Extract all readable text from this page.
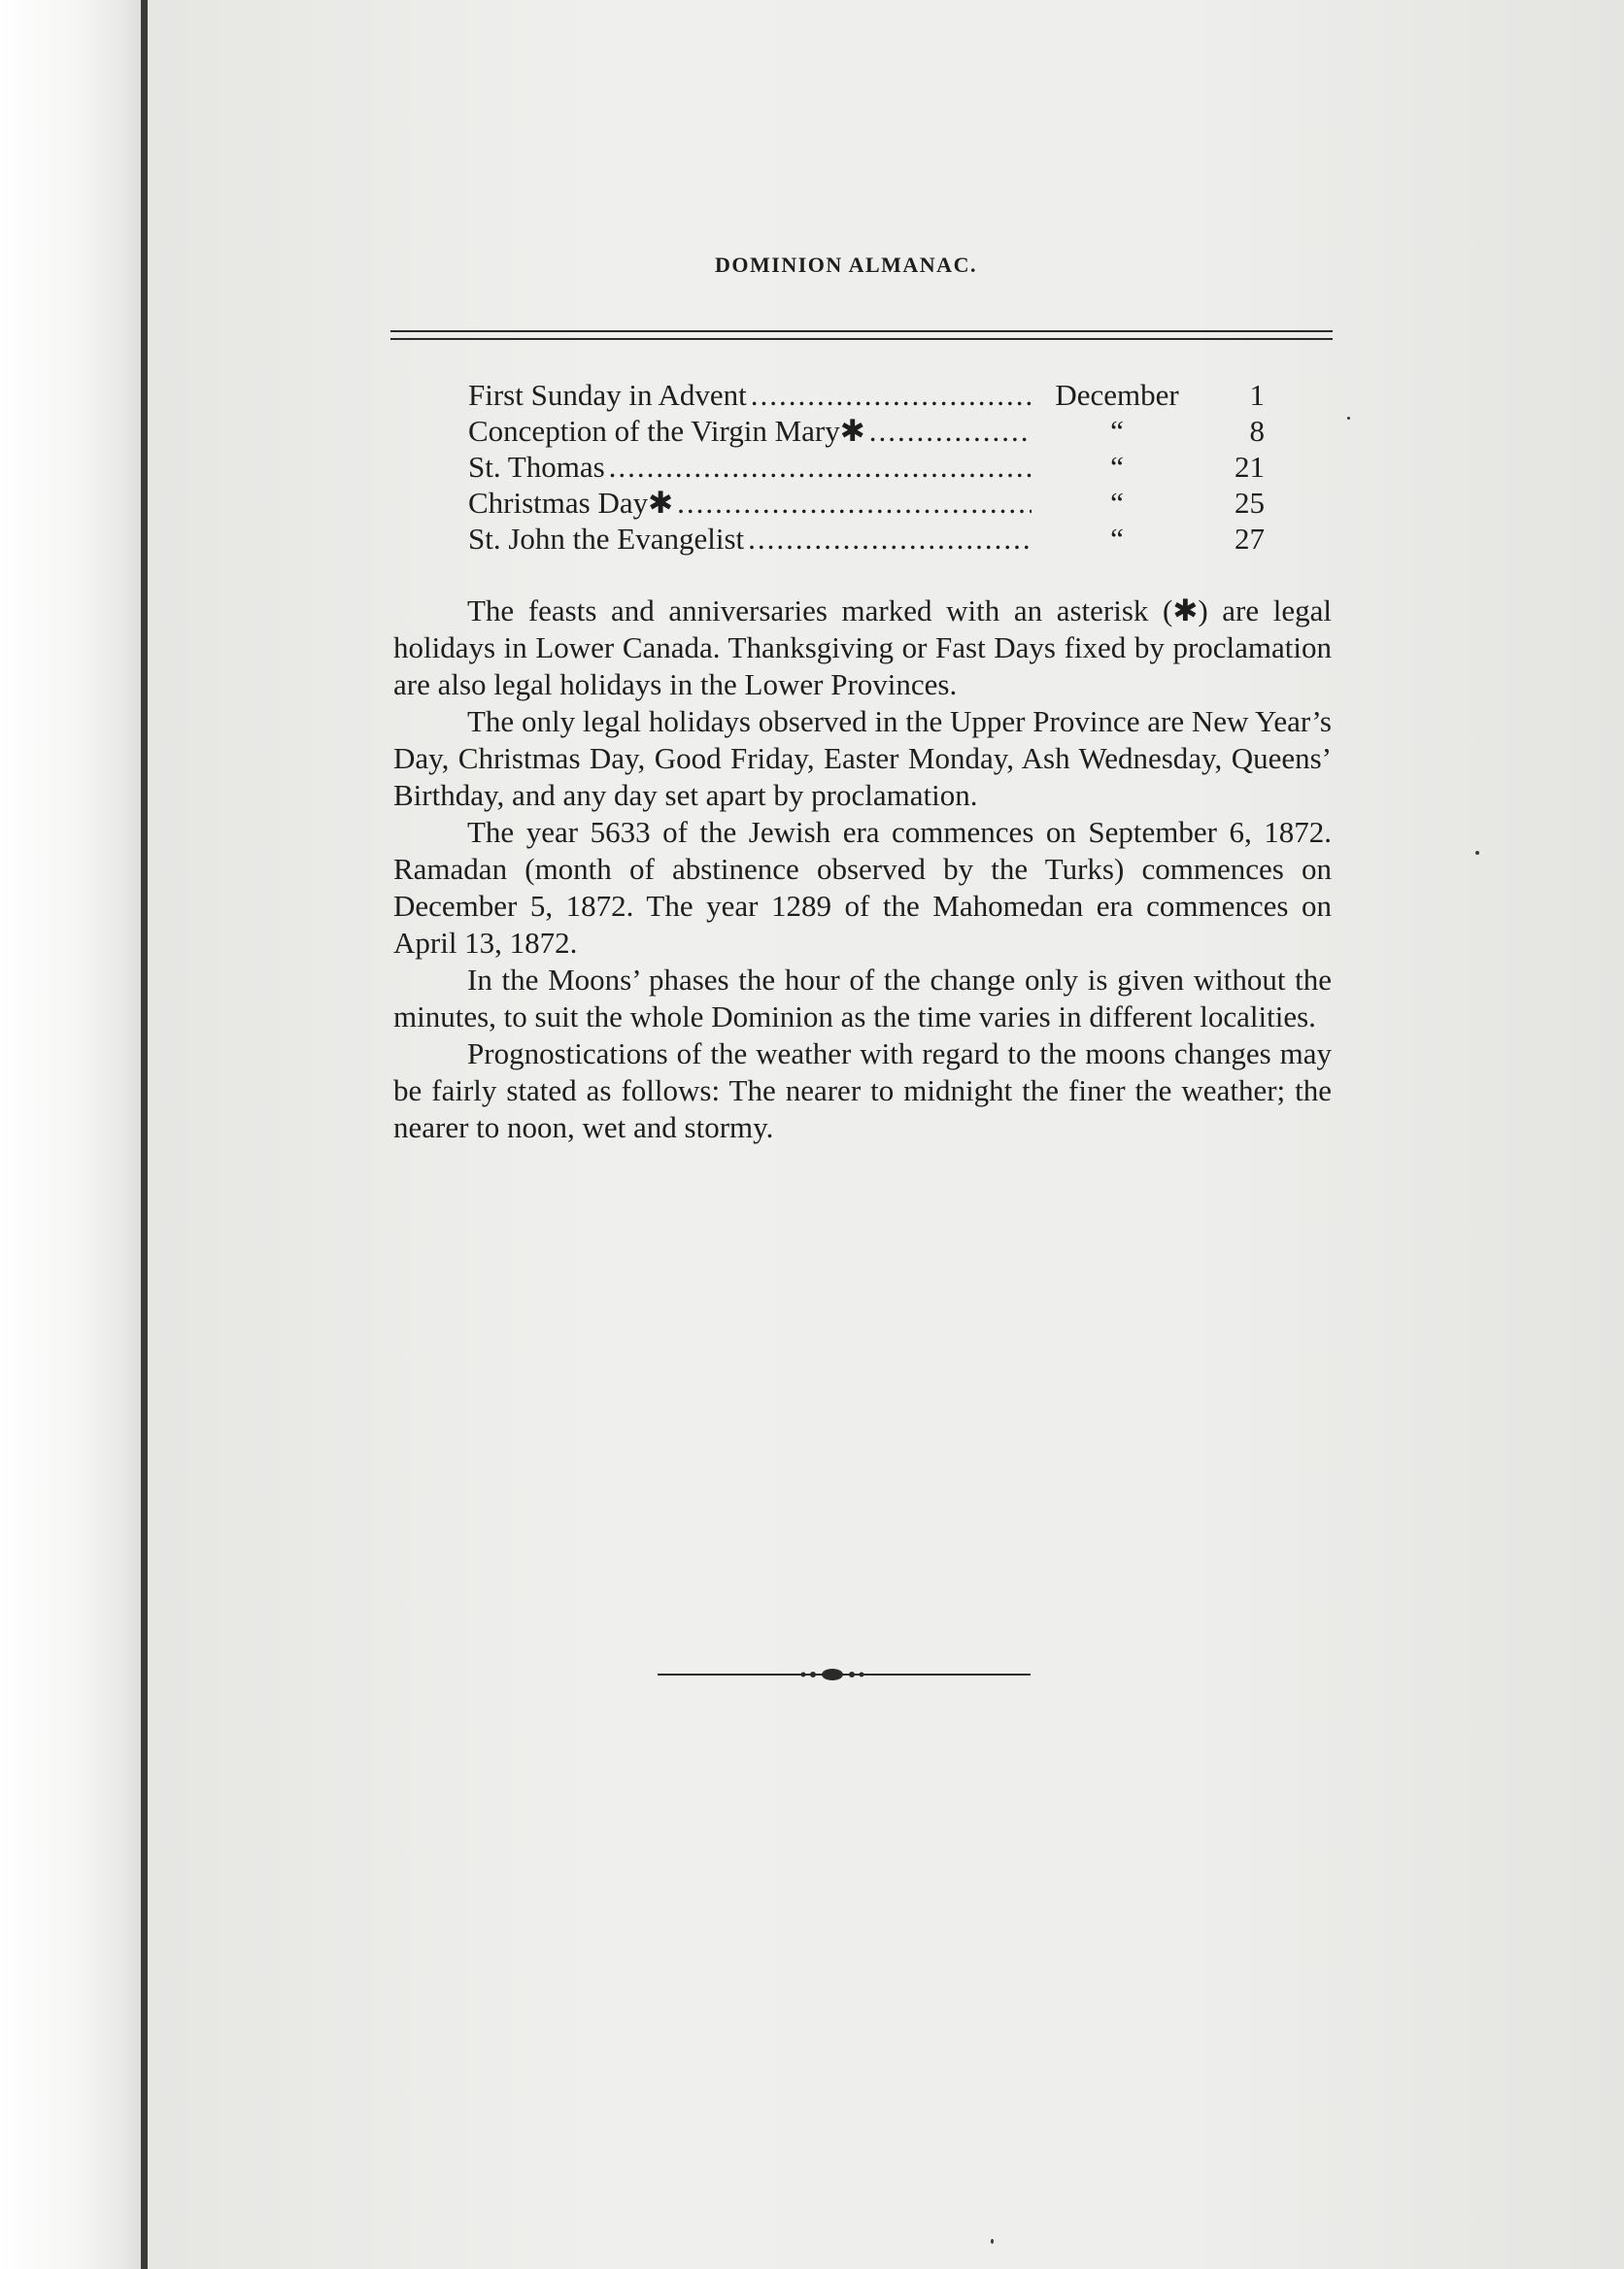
DOMINION ALMANAC.
First Sunday in Advent .....	December	1
Conception of the Virgin Mary✱ .....	“	8
St. Thomas .....	“	21
Christmas Day✱ .....	“	25
St. John the Evangelist .....	“	27

The feasts and anniversaries marked with an asterisk (✱) are legal holidays in Lower Canada. Thanksgiving or Fast Days fixed by proclamation are also legal holidays in the Lower Provinces.

The only legal holidays observed in the Upper Province are New Year’s Day, Christmas Day, Good Friday, Easter Monday, Ash Wednesday, Queens’ Birthday, and any day set apart by proclamation.

The year 5633 of the Jewish era commences on September 6, 1872. Ramadan (month of abstinence observed by the Turks) commences on December 5, 1872. The year 1289 of the Mahomedan era commences on April 13, 1872.

In the Moons’ phases the hour of the change only is given without the minutes, to suit the whole Dominion as the time varies in different localities.

Prognostications of the weather with regard to the moons changes may be fairly stated as follows: The nearer to midnight the finer the weather; the nearer to noon, wet and stormy.
